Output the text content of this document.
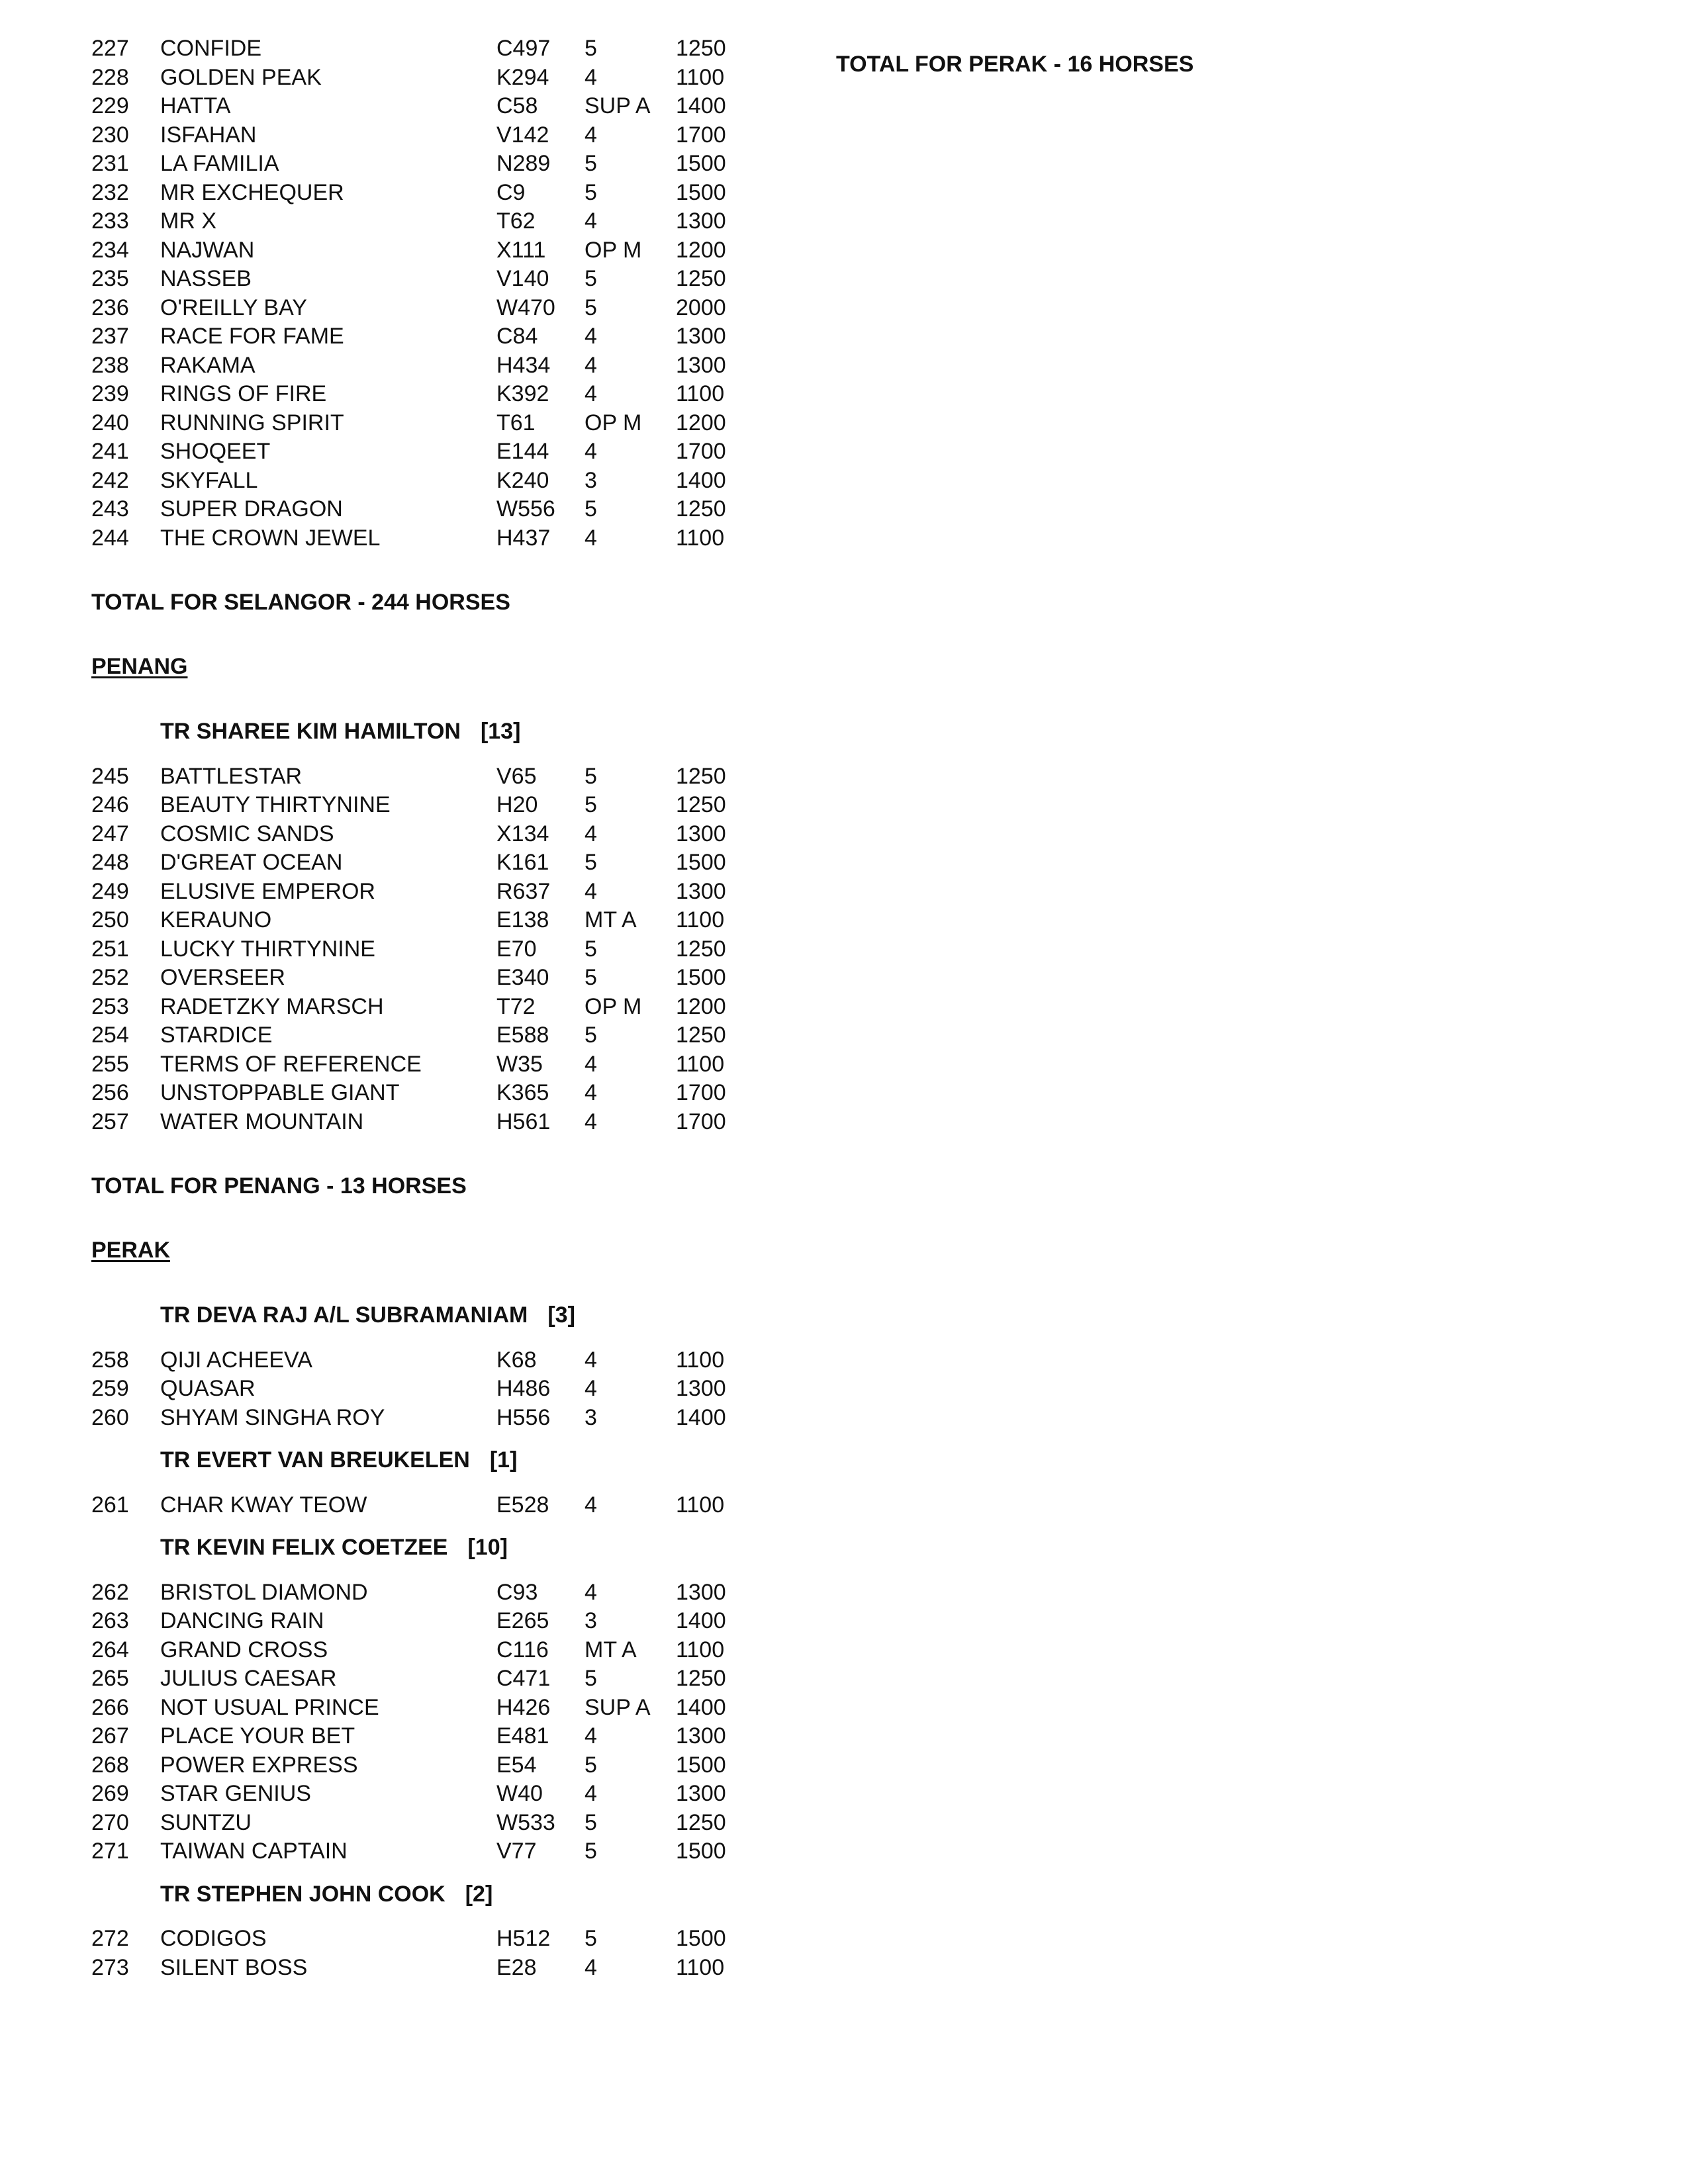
227 CONFIDE	C497 5	1250
228 GOLDEN PEAK	K294 4	1100
229 HATTA	C58 SUP A 1400
230 ISFAHAN	V142 4	1700
231 LA FAMILIA	N289 5	1500
232 MR EXCHEQUER	C9	5	1500
233 MR X	T62 4	1300
234 NAJWAN	X111 OP M 1200
235 NASSEB	V140 5	1250
236 O'REILLY BAY	W470 5	2000
237 RACE FOR FAME	C84 4	1300
238 RAKAMA	H434 4	1300
239 RINGS OF FIRE	K392 4	1100
240 RUNNING SPIRIT	T61 OP M 1200
241 SHOQEET	E144 4	1700
242 SKYFALL	K240 3	1400
243 SUPER DRAGON	W556 5	1250
244 THE CROWN JEWEL	H437 4	1100
TOTAL FOR SELANGOR - 244 HORSES
PENANG
TR SHAREE KIM HAMILTON [13]
245 BATTLESTAR	V65 5	1250
246 BEAUTY THIRTYNINE	H20 5	1250
247 COSMIC SANDS	X134 4	1300
248 D'GREAT OCEAN	K161 5	1500
249 ELUSIVE EMPEROR	R637 4	1300
250 KERAUNO	E138 MT A 1100
251 LUCKY THIRTYNINE	E70 5	1250
252 OVERSEER	E340 5	1500
253 RADETZKY MARSCH	T72 OP M 1200
254 STARDICE	E588 5	1250
255 TERMS OF REFERENCE	W35 4	1100
256 UNSTOPPABLE GIANT	K365 4	1700
257 WATER MOUNTAIN	H561 4	1700
TOTAL FOR PENANG - 13 HORSES
PERAK
TR DEVA RAJ A/L SUBRAMANIAM [3]
258 QIJI ACHEEVA	K68 4	1100
259 QUASAR	H486 4	1300
260 SHYAM SINGHA ROY	H556 3	1400
TR EVERT VAN BREUKELEN [1]
261 CHAR KWAY TEOW	E528 4	1100
TR KEVIN FELIX COETZEE [10]
262 BRISTOL DIAMOND	C93 4	1300
263 DANCING RAIN	E265 3	1400
264 GRAND CROSS	C116 MT A 1100
265 JULIUS CAESAR	C471 5	1250
266 NOT USUAL PRINCE	H426 SUP A 1400
267 PLACE YOUR BET	E481 4	1300
268 POWER EXPRESS	E54 5	1500
269 STAR GENIUS	W40 4	1300
270 SUNTZU	W533 5	1250
271 TAIWAN CAPTAIN	V77 5	1500
TR STEPHEN JOHN COOK [2]
272 CODIGOS	H512 5	1500
273 SILENT BOSS	E28 4	1100
TOTAL FOR PERAK - 16 HORSES
